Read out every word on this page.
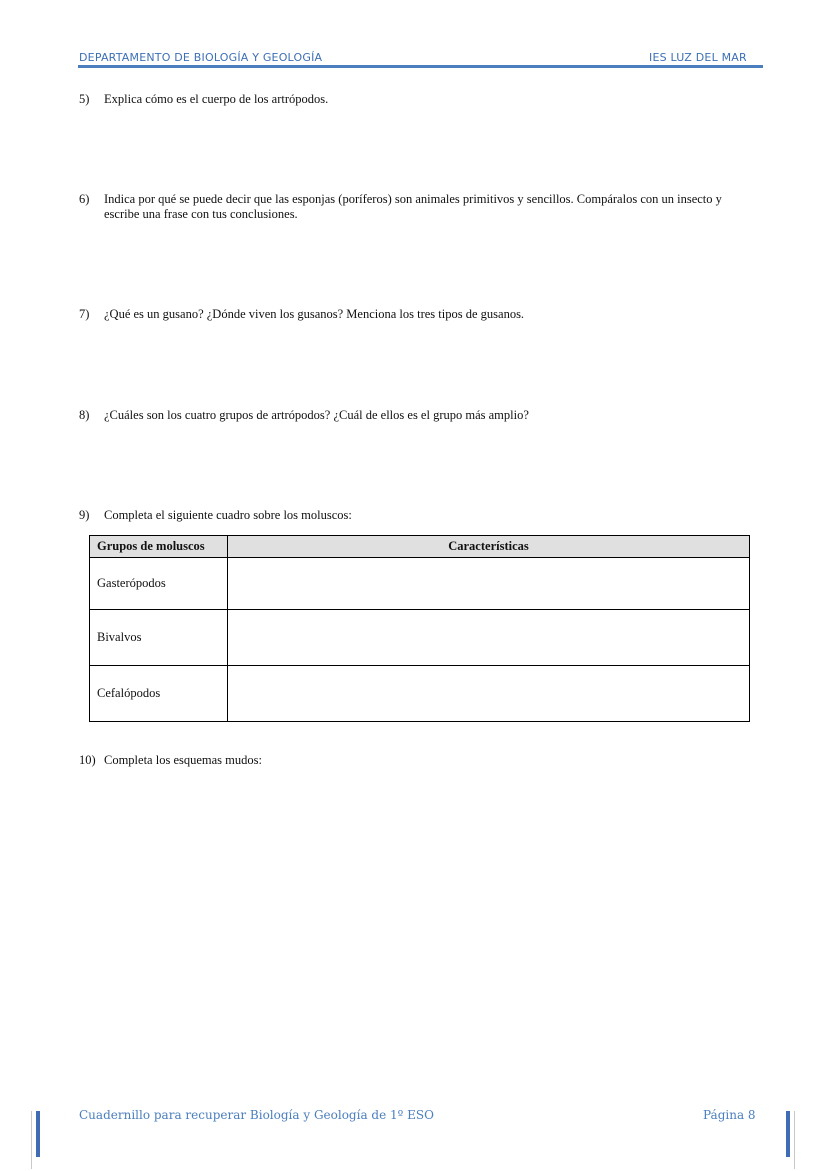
DEPARTAMENTO DE BIOLOGÍA Y GEOLOGÍA	IES LUZ DEL MAR
5) Explica cómo es el cuerpo de los artrópodos.
6) Indica por qué se puede decir que las esponjas (poríferos) son animales primitivos y sencillos. Compáralos con un insecto y escribe una frase con tus conclusiones.
7) ¿Qué es un gusano? ¿Dónde viven los gusanos? Menciona los tres tipos de gusanos.
8) ¿Cuáles son los cuatro grupos de artrópodos? ¿Cuál de ellos es el grupo más amplio?
9) Completa el siguiente cuadro sobre los moluscos:
Grupos de moluscos	Características
Gasterópodos	
Bivalvos	
Cefalópodos	
10) Completa los esquemas mudos:
Cuadernillo para recuperar Biología y Geología de 1º ESO	Página 8
